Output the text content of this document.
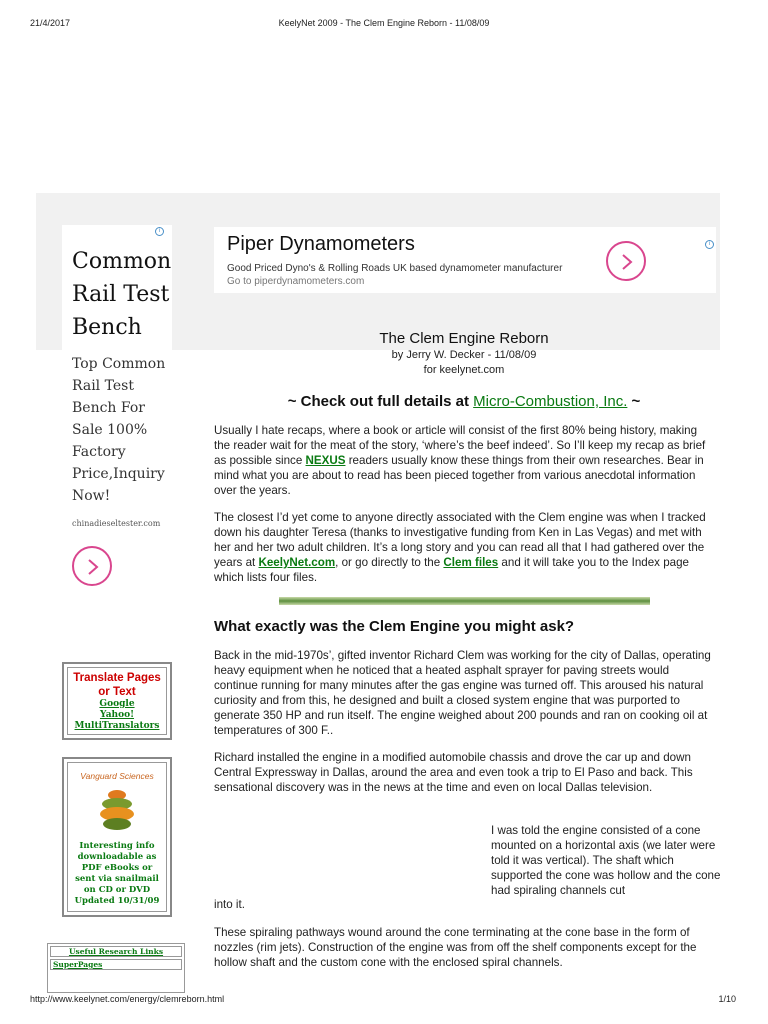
21/4/2017	KeelyNet 2009 - The Clem Engine Reborn - 11/08/09
i
Common Rail Test Bench
Top Common Rail Test Bench For Sale 100% Factory Price,Inquiry Now!
chinadieseltester.com
Piper Dynamometers
Good Priced Dyno's & Rolling Roads UK based dynamometer manufacturer
Go to piperdynamometers.com
i
The Clem Engine Reborn
by Jerry W. Decker - 11/08/09
for keelynet.com
~ Check out full details at Micro-Combustion, Inc. ~
Usually I hate recaps, where a book or article will consist of the first 80% being history, making the reader wait for the meat of the story, ‘where’s the beef indeed’. So I’ll keep my recap as brief as possible since NEXUS readers usually know these things from their own researches. Bear in mind what you are about to read has been pieced together from various anecdotal information over the years.
The closest I’d yet come to anyone directly associated with the Clem engine was when I tracked down his daughter Teresa (thanks to investigative funding from Ken in Las Vegas) and met with her and her two adult children. It’s a long story and you can read all that I had gathered over the years at KeelyNet.com, or go directly to the Clem files and it will take you to the Index page which lists four files.
What exactly was the Clem Engine you might ask?
Back in the mid-1970s’, gifted inventor Richard Clem was working for the city of Dallas, operating heavy equipment when he noticed that a heated asphalt sprayer for paving streets would continue running for many minutes after the gas engine was turned off. This aroused his natural curiosity and from this, he designed and built a closed system engine that was purported to generate 350 HP and run itself. The engine weighed about 200 pounds and ran on cooking oil at temperatures of 300 F..
Richard installed the engine in a modified automobile chassis and drove the car up and down Central Expressway in Dallas, around the area and even took a trip to El Paso and back. This sensational discovery was in the news at the time and even on local Dallas television.
I was told the engine consisted of a cone mounted on a horizontal axis (we later were told it was vertical). The shaft which supported the cone was hollow and the cone had spiraling channels cut
into it.
These spiraling pathways wound around the cone terminating at the cone base in the form of nozzles (rim jets). Construction of the engine was from off the shelf components except for the hollow shaft and the custom cone with the enclosed spiral channels.
Translate Pages or Text
Google
Yahoo!
MultiTranslators
Vanguard Sciences
Interesting info downloadable as PDF eBooks or sent via snailmail on CD or DVD Updated 10/31/09
Useful Research Links
SuperPages
http://www.keelynet.com/energy/clemreborn.html	1/10
